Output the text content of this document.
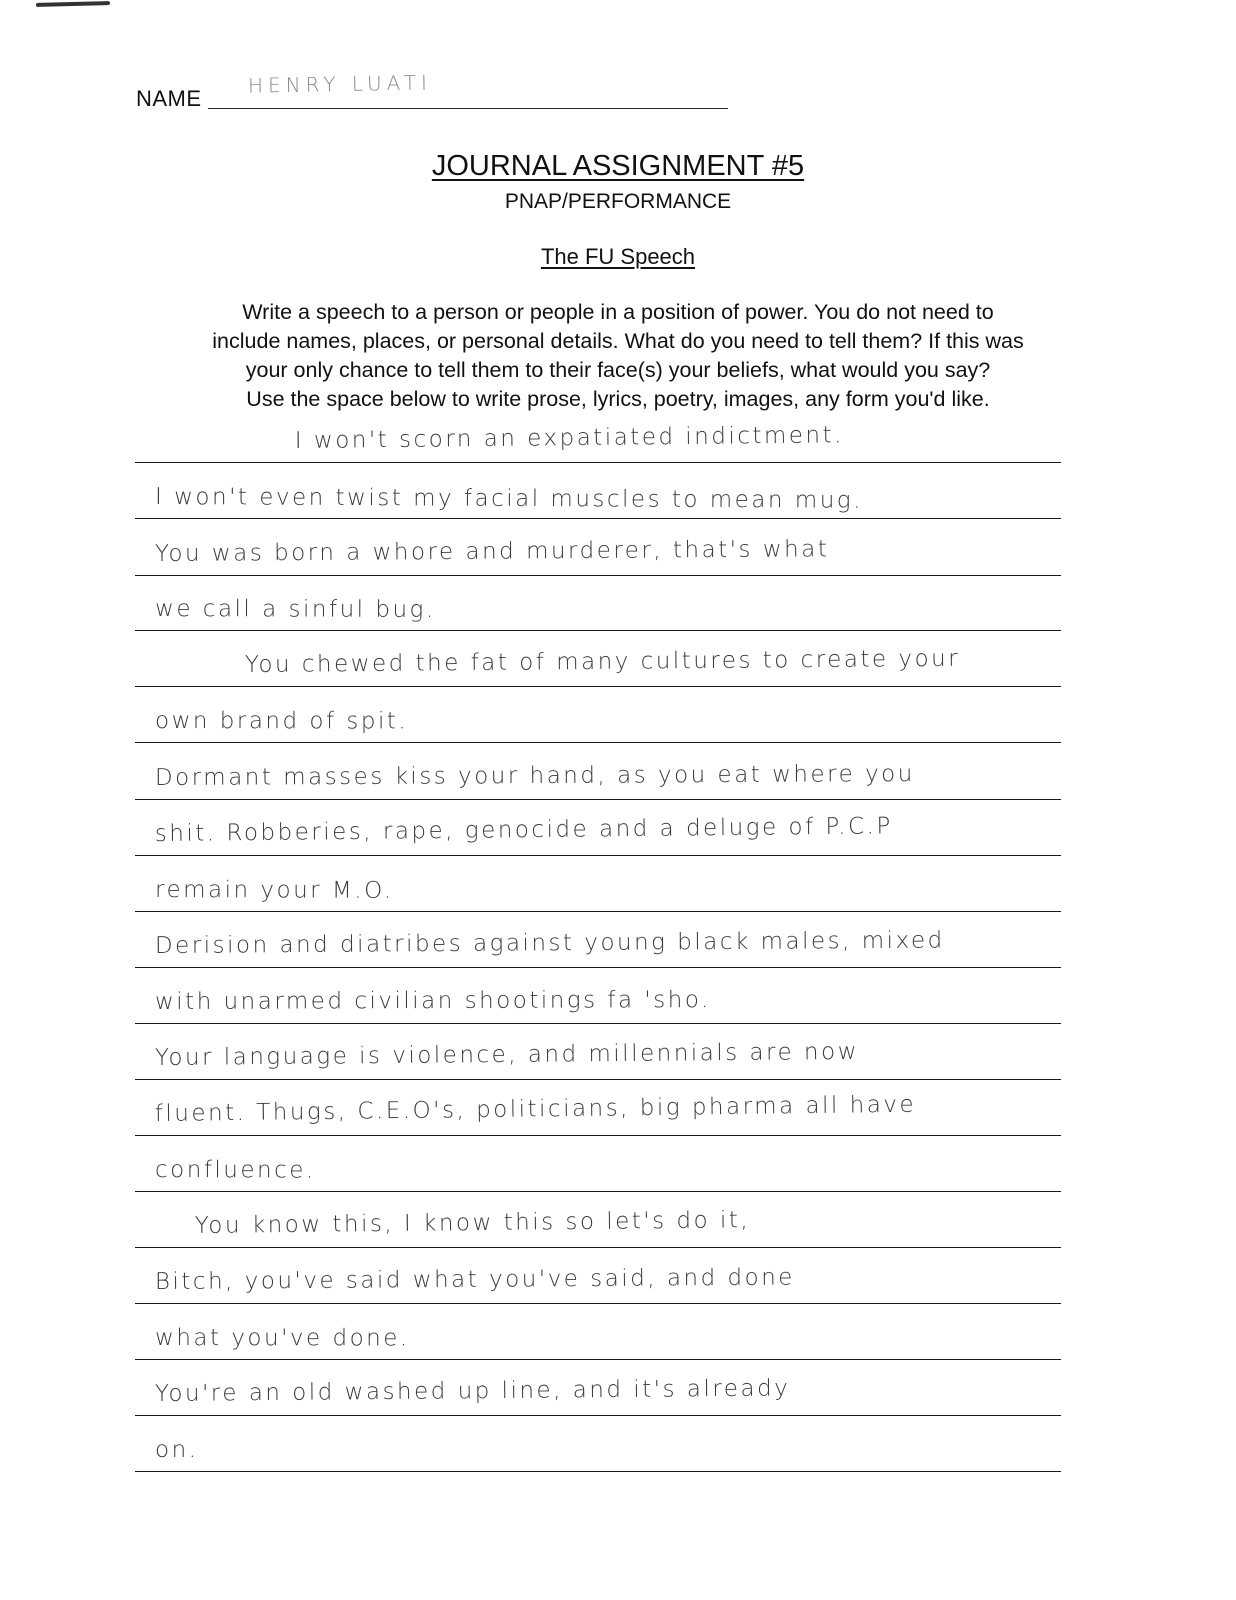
NAME
HENRY LUATI
JOURNAL ASSIGNMENT #5
PNAP/PERFORMANCE
The FU Speech

Write a speech to a person or people in a position of power. You do not need to

include names, places, or personal details. What do you need to tell them? If this was

your only chance to tell them to their face(s) your beliefs, what would you say?

Use the space below to write prose, lyrics, poetry, images, any form you'd like.

I won't scorn an expatiated indictment.
I won't even twist my facial muscles to mean mug.
You was born a whore and murderer, that's what
we call a sinful bug.
You chewed the fat of many cultures to create your
own brand of spit.
Dormant masses kiss your hand, as you eat where you
shit. Robberies, rape, genocide and a deluge of P.C.P
remain your M.O.
Derision and diatribes against young black males, mixed
with unarmed civilian shootings fa 'sho.
Your language is violence, and millennials are now
fluent. Thugs, C.E.O's, politicians, big pharma all have
confluence.
You know this, I know this so let's do it,
Bitch, you've said what you've said, and done
what you've done.
You're an old washed up line, and it's already
on.
